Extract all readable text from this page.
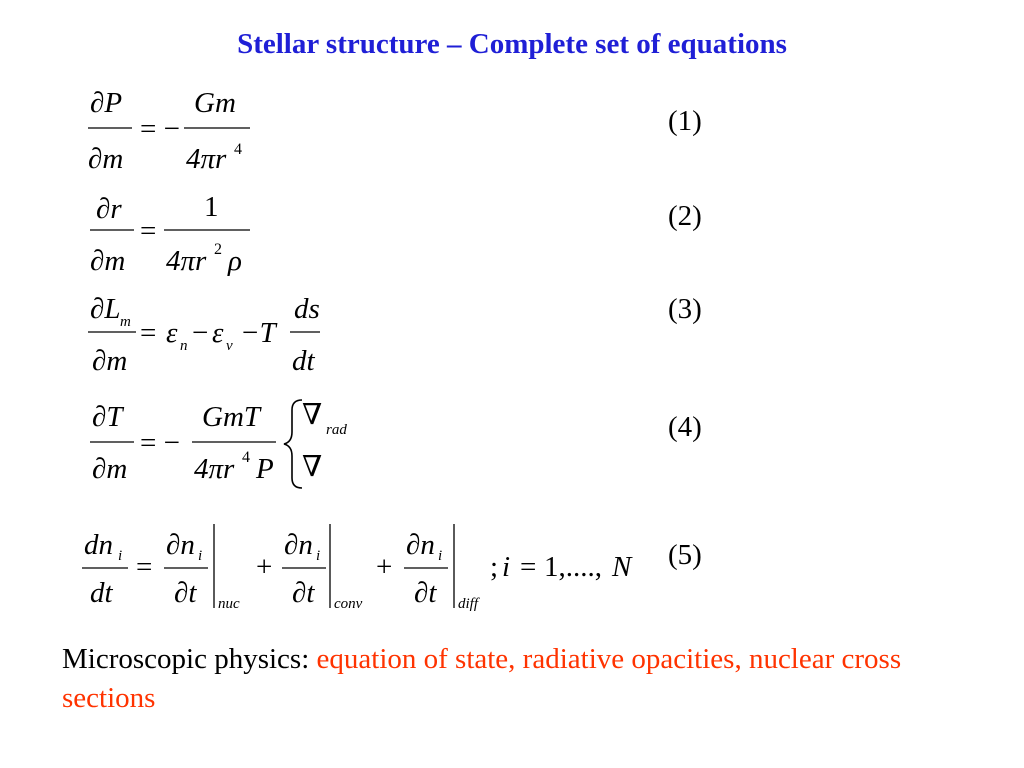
Stellar structure – Complete set of equations
∂P
∂m
= −
Gm
4πr 4
(1)
∂r
∂m
=
1
4πr 2 ρ
(2)
∂L m
∂m
= ε n − ε ν −T
ds
dt
(3)
∂T
∂m
= −
GmT
4πr 4 P
∇ rad
∇
(4)
dn i
dt
=
∂n i
∂t nuc
+
∂n i
∂t conv
+
∂n i
∂t diff
; i = 1,...., N (5)
Microscopic physics: equation of state, radiative opacities, nuclear cross sections
